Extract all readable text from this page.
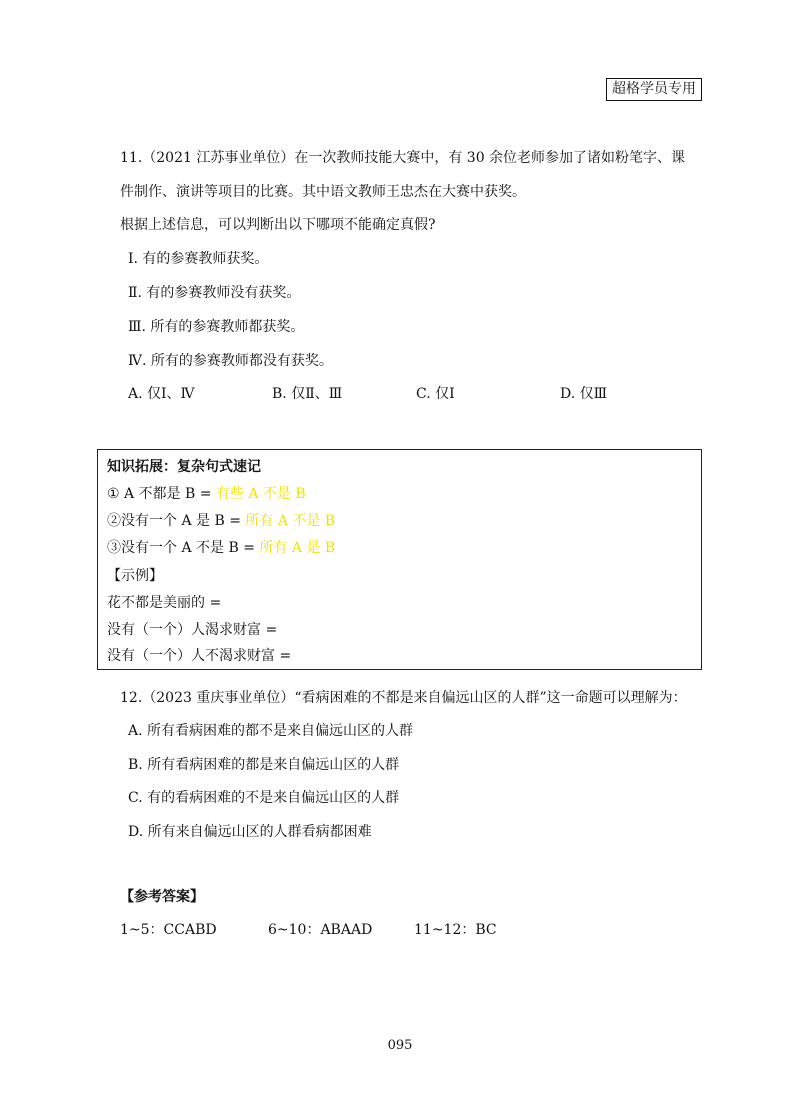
超格学员专用
11.（2021 江苏事业单位）在一次教师技能大赛中，有 30 余位老师参加了诸如粉笔字、课
件制作、演讲等项目的比赛。其中语文教师王忠杰在大赛中获奖。
根据上述信息，可以判断出以下哪项不能确定真假?
Ⅰ. 有的参赛教师获奖。
Ⅱ. 有的参赛教师没有获奖。
Ⅲ. 所有的参赛教师都获奖。
Ⅳ. 所有的参赛教师都没有获奖。
A. 仅Ⅰ、Ⅳ	B. 仅Ⅱ、Ⅲ	C. 仅Ⅰ	D. 仅Ⅲ
知识拓展：复杂句式速记
① A 不都是 B = 有些 A 不是 B
②没有一个 A 是 B = 所有 A 不是 B
③没有一个 A 不是 B = 所有 A 是 B
【示例】
花不都是美丽的 =
没有（一个）人渴求财富 =
没有（一个）人不渴求财富 =
12.（2023 重庆事业单位）“看病困难的不都是来自偏远山区的人群”这一命题可以理解为：
A. 所有看病困难的都不是来自偏远山区的人群
B. 所有看病困难的都是来自偏远山区的人群
C. 有的看病困难的不是来自偏远山区的人群
D. 所有来自偏远山区的人群看病都困难
【参考答案】
1~5：CCABD	6~10：ABAAD	11~12：BC
095
